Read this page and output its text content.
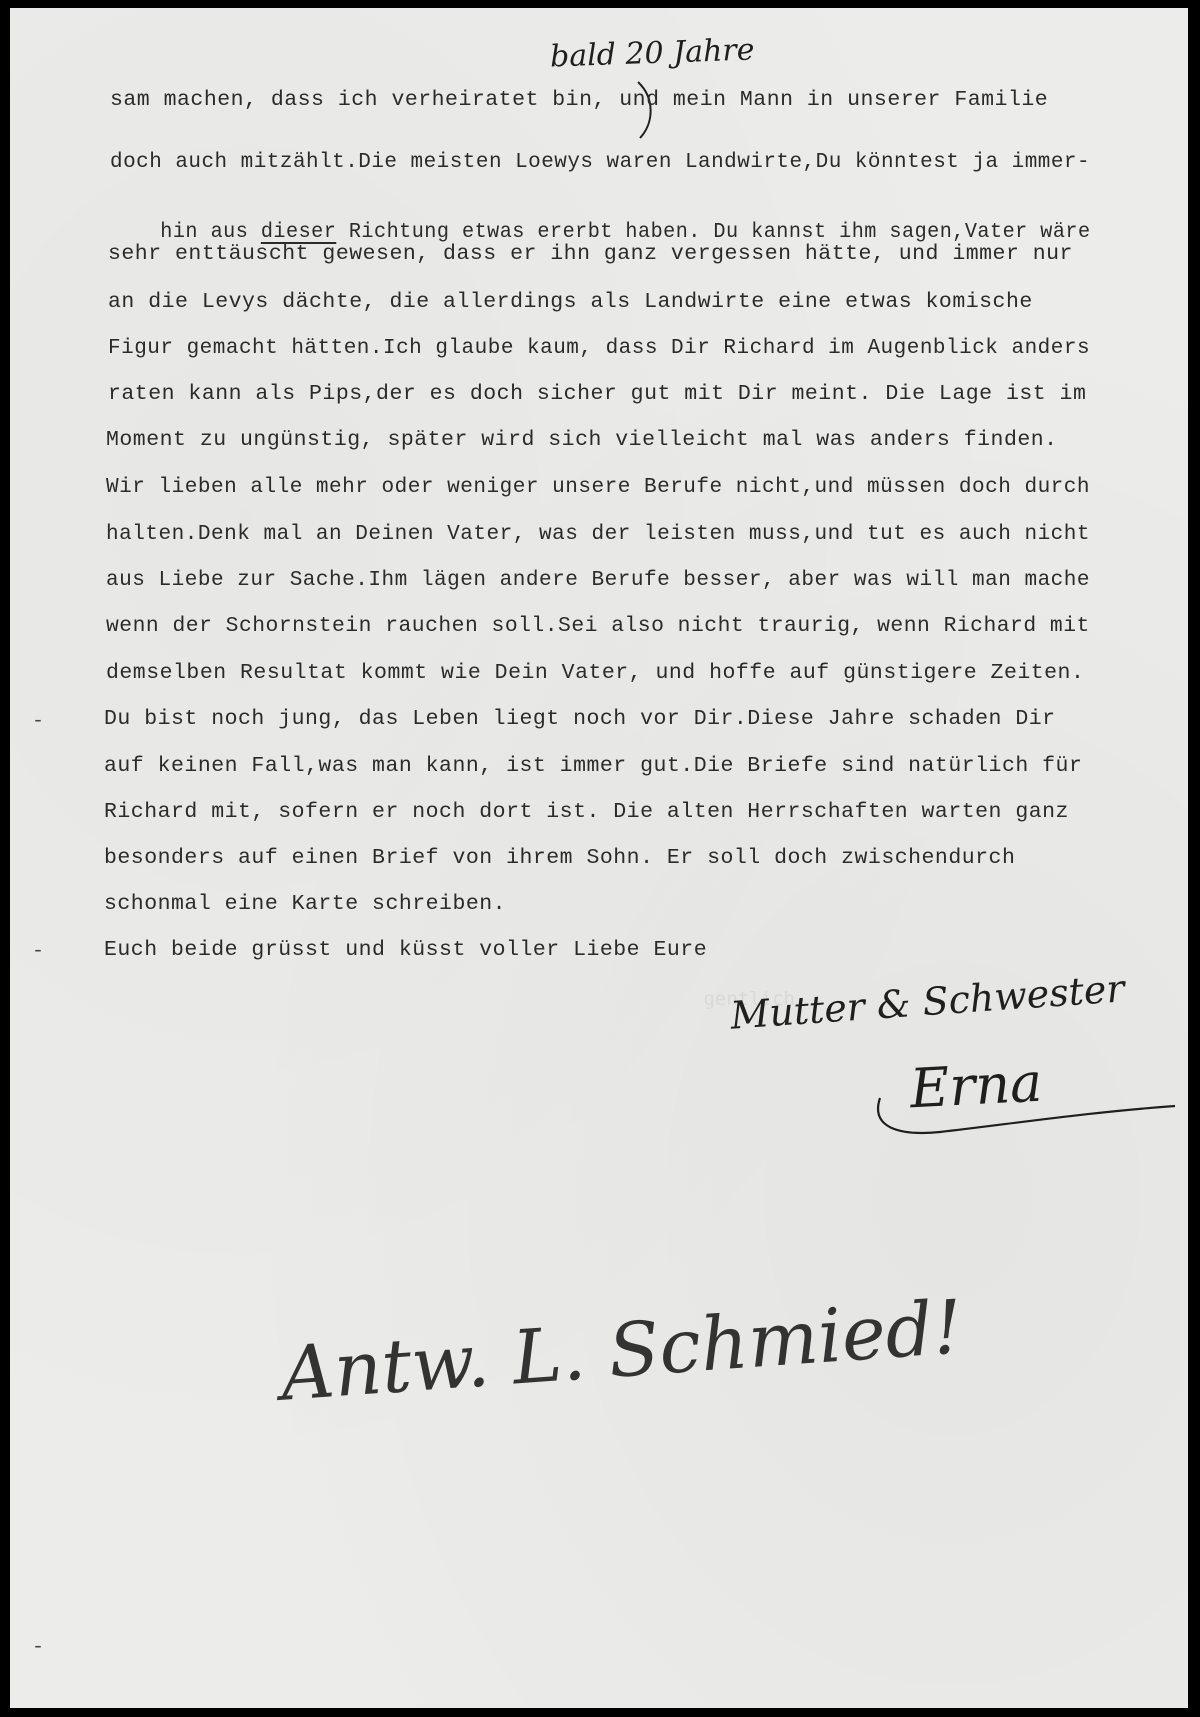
gentlich

bald 20 Jahre
sam machen, dass ich verheiratet bin, und mein Mann in unserer Familie
doch auch mitzählt.Die meisten Loewys waren Landwirte,Du könntest ja immer-

hin aus dieser Richtung etwas ererbt haben. Du kannst ihm sagen,Vater wäre

sehr enttäuscht gewesen, dass er ihn ganz vergessen hätte, und immer nur
an die Levys dächte, die allerdings als Landwirte eine etwas komische
Figur gemacht hätten.Ich glaube kaum, dass Dir Richard im Augenblick anders
raten kann als Pips,der es doch sicher gut mit Dir meint. Die Lage ist im
Moment zu ungünstig, später wird sich vielleicht mal was anders finden.
Wir lieben alle mehr oder weniger unsere Berufe nicht,und müssen doch durch
halten.Denk mal an Deinen Vater, was der leisten muss,und tut es auch nicht
aus Liebe zur Sache.Ihm lägen andere Berufe besser, aber was will man mache
wenn der Schornstein rauchen soll.Sei also nicht traurig, wenn Richard mit
demselben Resultat kommt wie Dein Vater, und hoffe auf günstigere Zeiten.
Du bist noch jung, das Leben liegt noch vor Dir.Diese Jahre schaden Dir
auf keinen Fall,was man kann, ist immer gut.Die Briefe sind natürlich für
Richard mit, sofern er noch dort ist. Die alten Herrschaften warten ganz
besonders auf einen Brief von ihrem Sohn. Er soll doch zwischendurch
schonmal eine Karte schreiben.
Euch beide grüsst und küsst voller Liebe Eure
-
-
-
Mutter & Schwester
Erna
Antw. L. Schmied!
